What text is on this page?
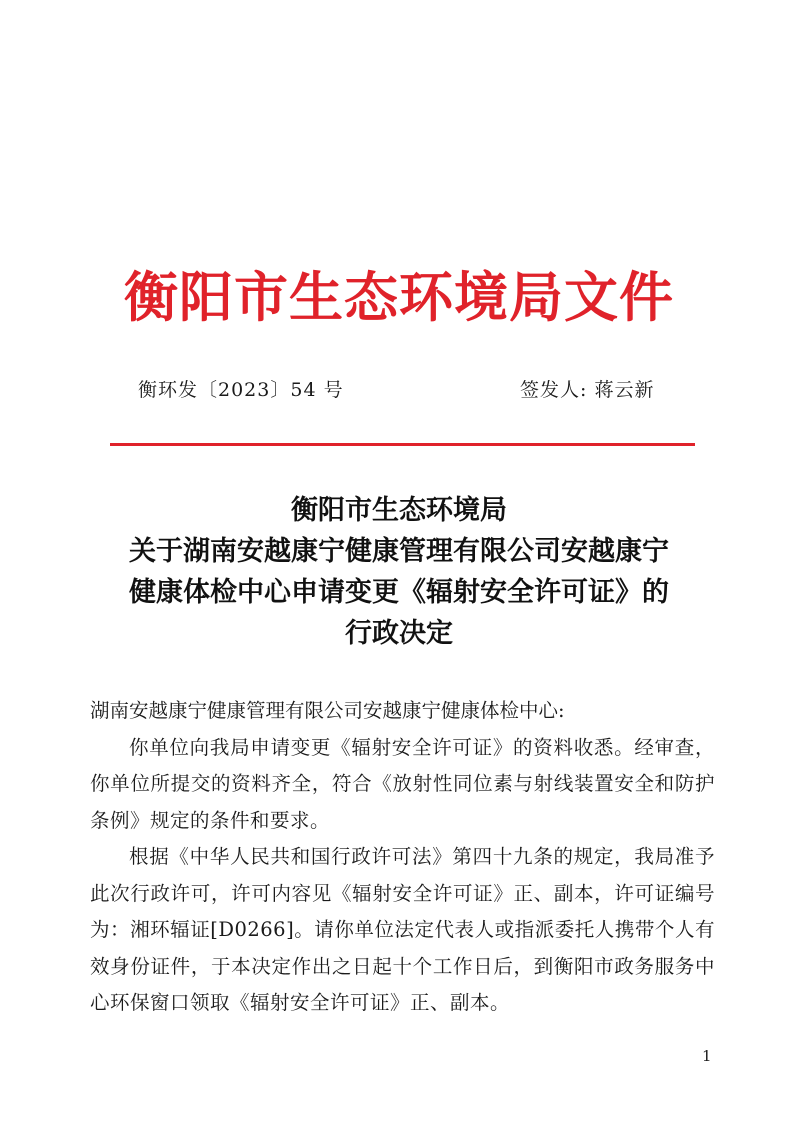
衡阳市生态环境局文件
衡环发〔2023〕54 号	签发人: 蒋云新
衡阳市生态环境局
关于湖南安越康宁健康管理有限公司安越康宁
健康体检中心申请变更《辐射安全许可证》的
行政决定
湖南安越康宁健康管理有限公司安越康宁健康体检中心:
你单位向我局申请变更《辐射安全许可证》的资料收悉。经审查，你单位所提交的资料齐全，符合《放射性同位素与射线装置安全和防护条例》规定的条件和要求。
根据《中华人民共和国行政许可法》第四十九条的规定，我局准予此次行政许可，许可内容见《辐射安全许可证》正、副本，许可证编号为：湘环辐证[D0266]。请你单位法定代表人或指派委托人携带个人有效身份证件，于本决定作出之日起十个工作日后，到衡阳市政务服务中心环保窗口领取《辐射安全许可证》正、副本。
1
